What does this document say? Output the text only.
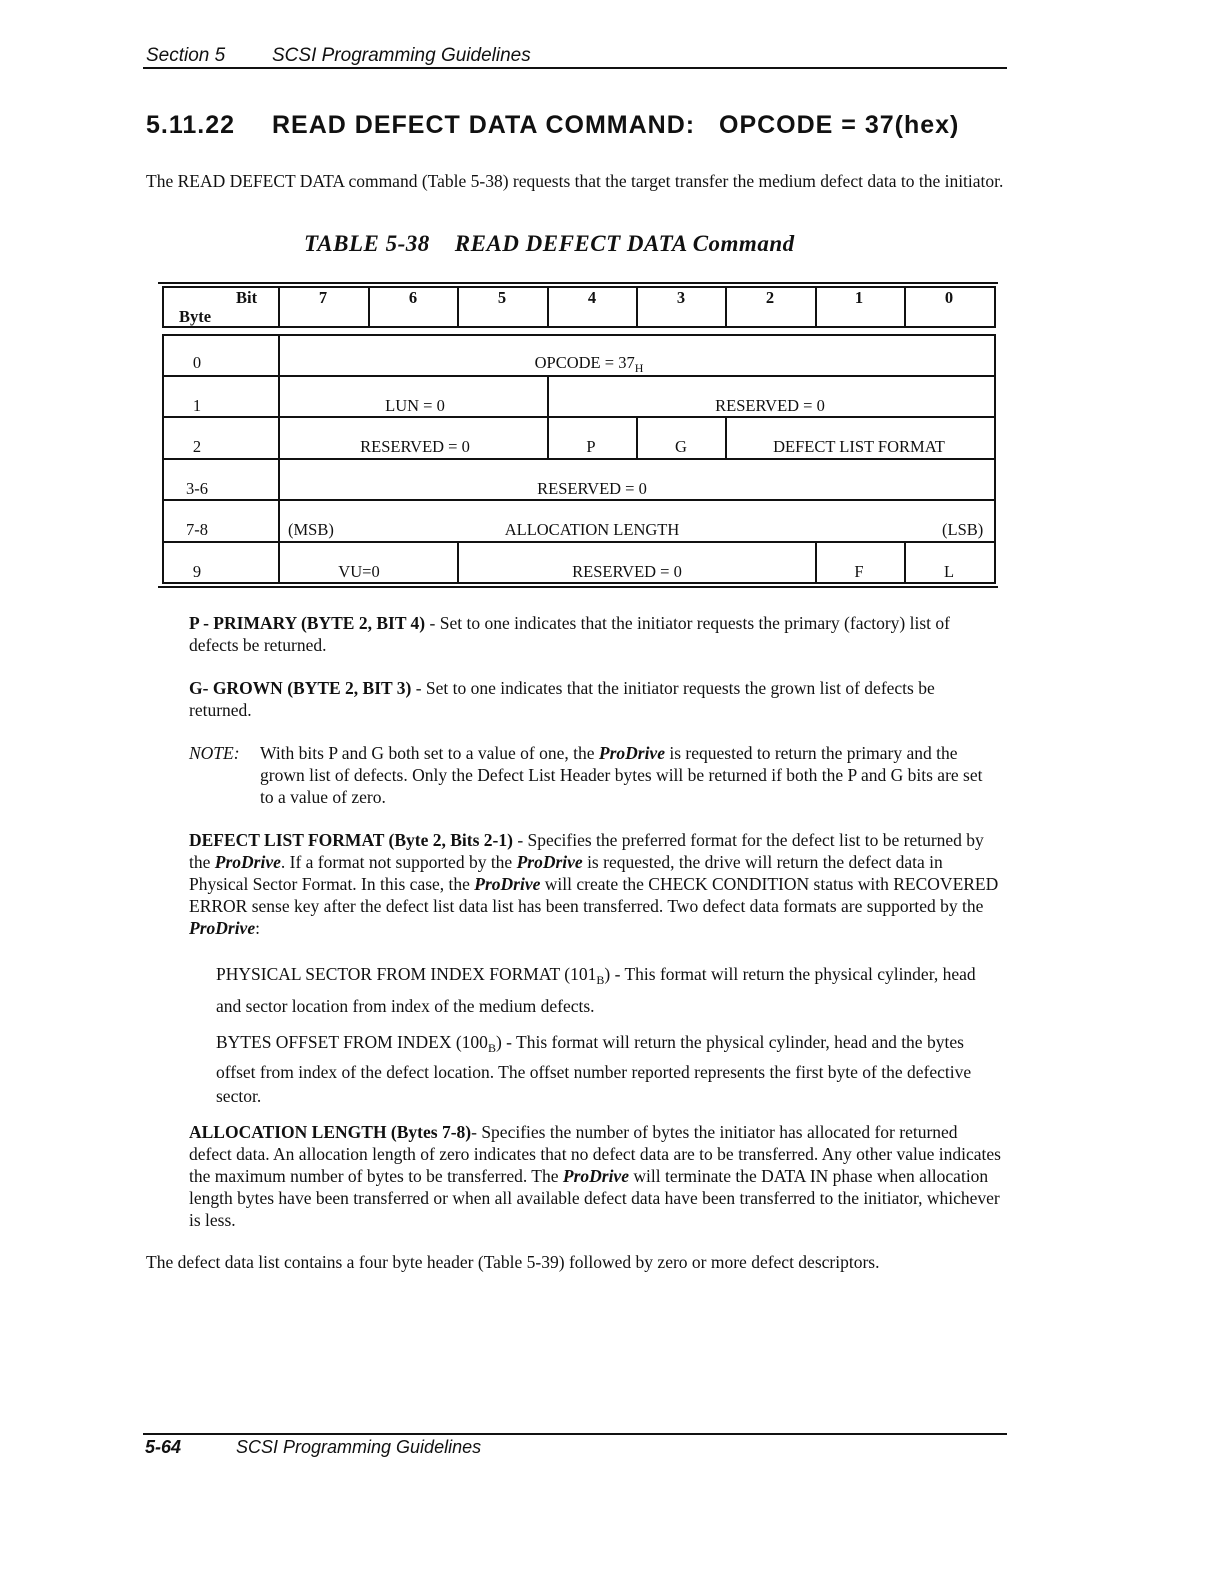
Section 5 SCSI Programming Guidelines
5.11.22 READ DEFECT DATA COMMAND: OPCODE = 37(hex)
The READ DEFECT DATA command (Table 5-38) requests that the target transfer the medium defect data to the initiator.
TABLE 5-38    READ DEFECT DATA Command
Bit
Byte
7	6	5	4	3	2	1	0
0	OPCODE = $37_H$
1	LUN = 0	RESERVED = 0
2	RESERVED = 0	P	G	DEFECT LIST FORMAT
3-6	RESERVED = 0
7-8	(MSB)	ALLOCATION LENGTH	(LSB)
9	VU=0	RESERVED = 0	F	L
P - PRIMARY (BYTE 2, BIT 4) - Set to one indicates that the initiator requests the primary (factory) list of defects be returned.
G- GROWN (BYTE 2, BIT 3) - Set to one indicates that the initiator requests the grown list of defects be returned.
NOTE: With bits P and G both set to a value of one, the ProDrive is requested to return the primary and the grown list of defects. Only the Defect List Header bytes will be returned if both the P and G bits are set to a value of zero.
DEFECT LIST FORMAT (Byte 2, Bits 2-1) - Specifies the preferred format for the defect list to be returned by the ProDrive. If a format not supported by the ProDrive is requested, the drive will return the defect data in Physical Sector Format. In this case, the ProDrive will create the CHECK CONDITION status with RECOVERED ERROR sense key after the defect list data list has been transferred. Two defect data formats are supported by the ProDrive:
PHYSICAL SECTOR FROM INDEX FORMAT $(101_B)$ - This format will return the physical cylinder, head and sector location from index of the medium defects.
BYTES OFFSET FROM INDEX $(100_B)$ - This format will return the physical cylinder, head and the bytes offset from index of the defect location. The offset number reported represents the first byte of the defective sector.
ALLOCATION LENGTH (Bytes 7-8)- Specifies the number of bytes the initiator has allocated for returned defect data. An allocation length of zero indicates that no defect data are to be transferred. Any other value indicates the maximum number of bytes to be transferred. The ProDrive will terminate the DATA IN phase when allocation length bytes have been transferred or when all available defect data have been transferred to the initiator, whichever is less.
The defect data list contains a four byte header (Table 5-39) followed by zero or more defect descriptors.
5-64	SCSI Programming Guidelines
